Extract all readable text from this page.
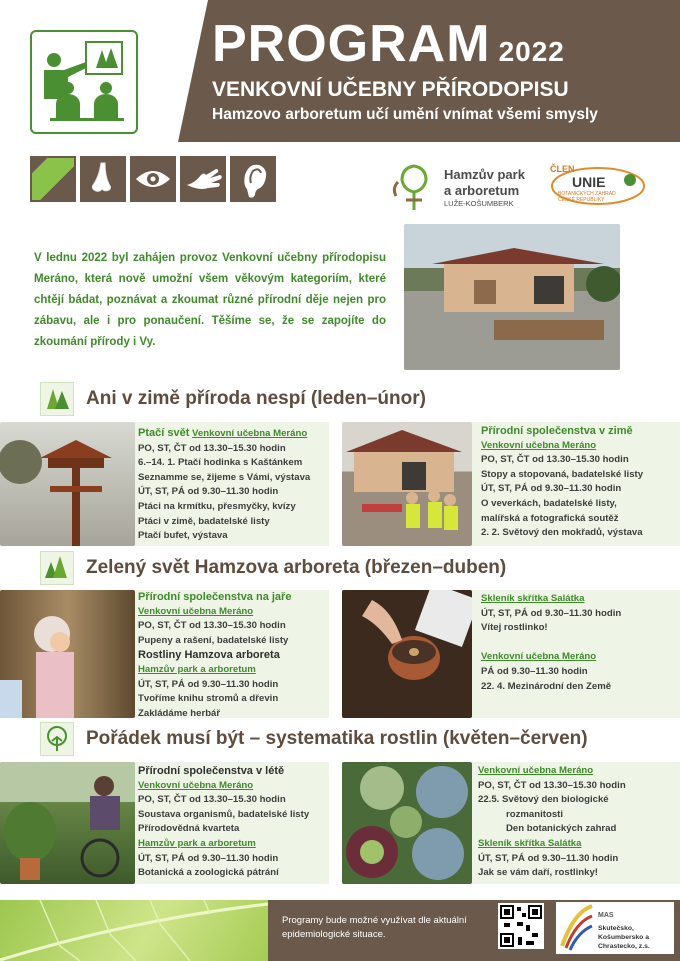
PROGRAM 2022
VENKOVNÍ UČEBNY PŘÍRODOPISU
Hamzovo arboretum učí umění vnímat všemi smysly
Hamzův park
a arboretum
LUŽE-KOŠUMBERK
ČLEN
UNIE
BOTANICKÝCH ZAHRAD ČESKÉ REPUBLIKY
V lednu 2022 byl zahájen provoz Venkovní učebny přírodopisu Meráno, která nově umožní všem věkovým kategoriím, které chtějí bádat, poznávat a zkoumat různé přírodní děje nejen pro zábavu, ale i pro ponaučení. Těšíme se, že se zapojíte do zkoumání přírody i Vy.
Ani v zimě příroda nespí (leden–únor)
Ptačí svět Venkovní učebna Meráno
PO, ST, ČT od 13.30–15.30 hodin
6.–14. 1. Ptačí hodinka s Kaštánkem
Seznamme se, žijeme s Vámi, výstava
ÚT, ST, PÁ od 9.30–11.30 hodin
Ptáci na krmítku, přesmyčky, kvízy
Ptáci v zimě, badatelské listy
Ptačí bufet, výstava
Přírodní společenstva v zimě
Venkovní učebna Meráno
PO, ST, ČT od 13.30–15.30 hodin
Stopy a stopovaná, badatelské listy
ÚT, ST, PÁ od 9.30–11.30 hodin
O veverkách, badatelské listy,
malířská a fotografická soutěž
2. 2. Světový den mokřadů, výstava
Zelený svět Hamzova arboreta (březen–duben)
Přírodní společenstva na jaře
Venkovní učebna Meráno
PO, ST, ČT od 13.30–15.30 hodin
Pupeny a rašení, badatelské listy
Rostliny Hamzova arboreta
Hamzův park a arboretum
ÚT, ST, PÁ od 9.30–11.30 hodin
Tvoříme knihu stromů a dřevin
Zakládáme herbář
Skleník skřítka Salátka
ÚT, ST, PÁ od 9.30–11.30 hodin
Vítej rostlinko!
Venkovní učebna Meráno
PÁ od 9.30–11.30 hodin
22. 4. Mezinárodní den Země
Pořádek musí být – systematika rostlin (květen–červen)
Přírodní společenstva v létě
Venkovní učebna Meráno
PO, ST, ČT od 13.30–15.30 hodin
Soustava organismů, badatelské listy
Přírodovědná kvarteta
Hamzův park a arboretum
ÚT, ST, PÁ od 9.30–11.30 hodin
Botanická a zoologická pátrání
Venkovní učebna Meráno
PO, ST, ČT od 13.30–15.30 hodin
22.5. Světový den biologické
rozmanitosti
Den botanických zahrad
Skleník skřítka Salátka
ÚT, ST, PÁ od 9.30–11.30 hodin
Jak se vám daří, rostlinky!
Programy bude možné využívat dle aktuální epidemiologické situace.
MAS
Skutečsko, Košumbersko a Chrastecko, z.s.
